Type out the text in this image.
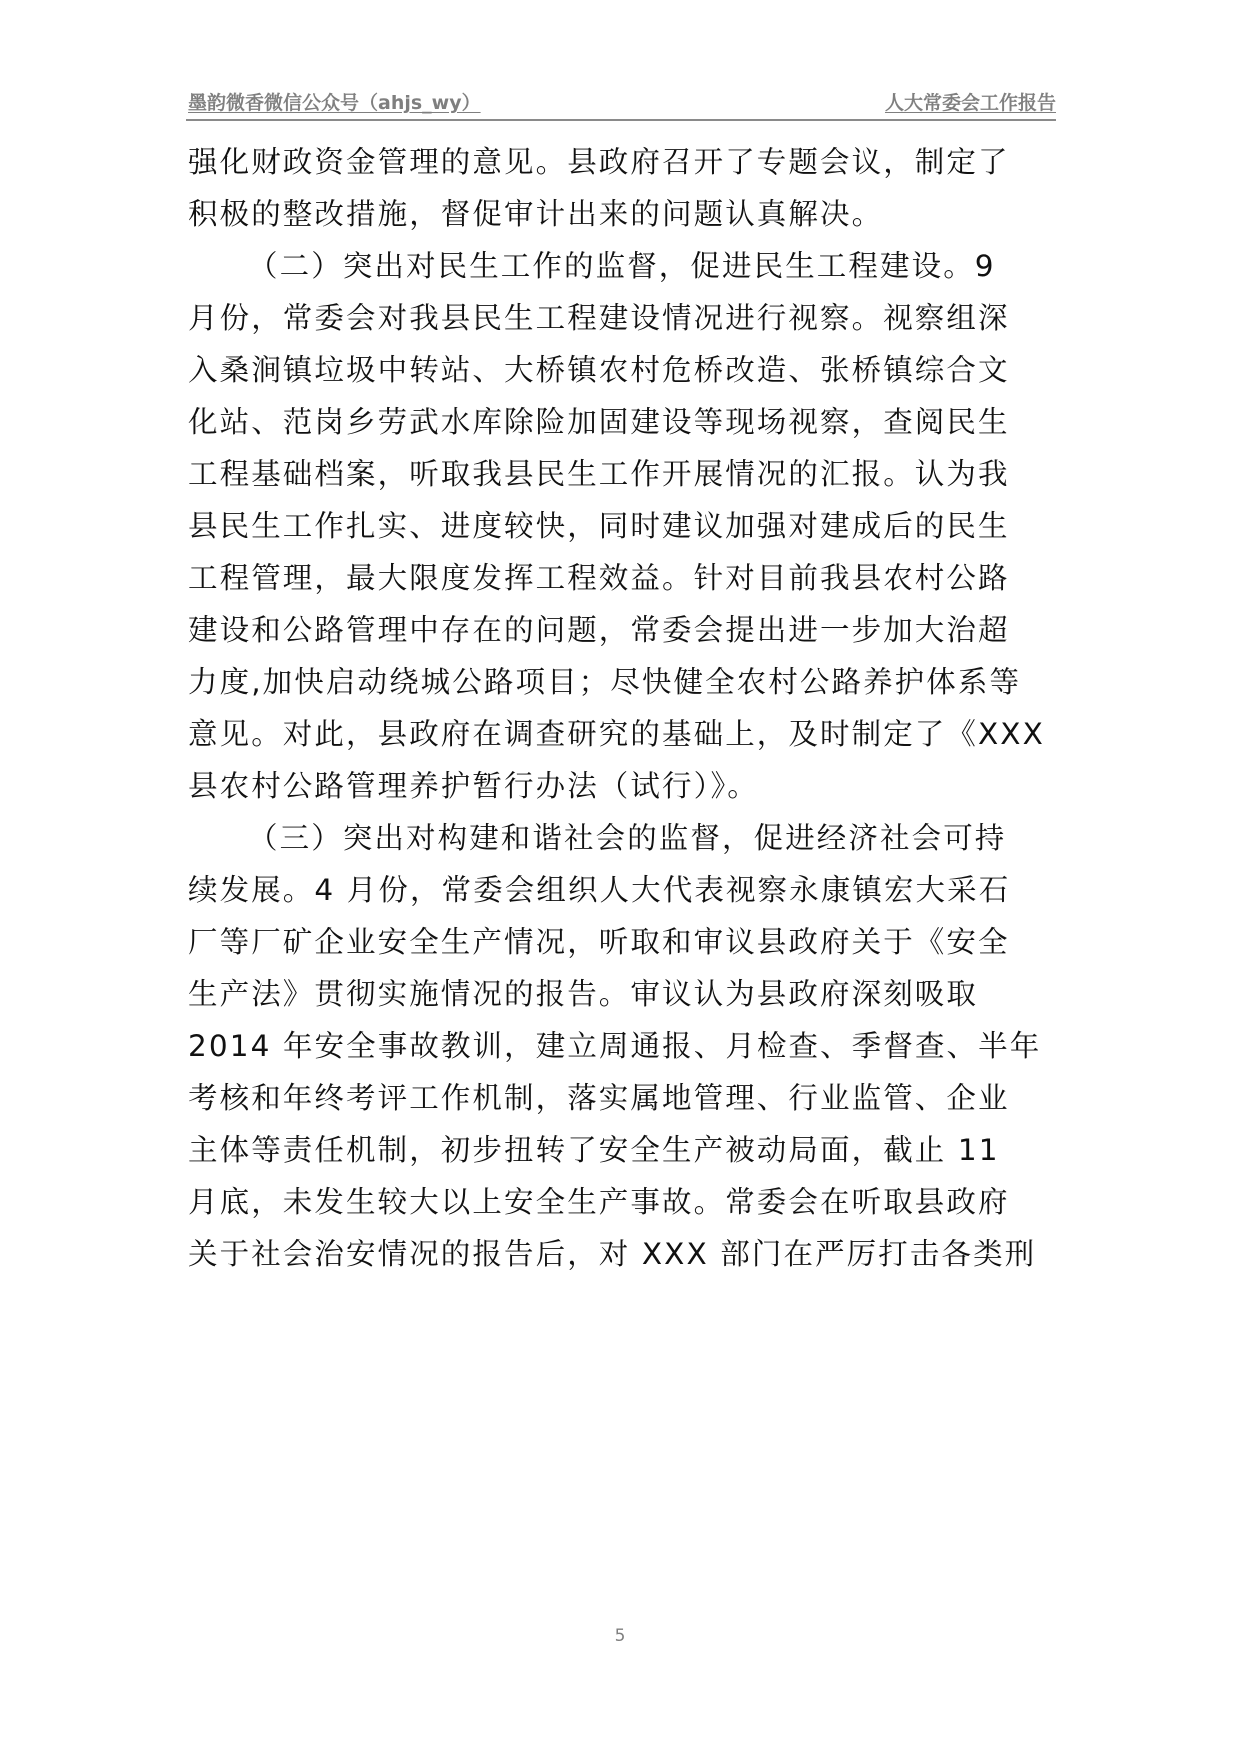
墨韵微香微信公众号（ahjs_wy）	人大常委会工作报告
强化财政资金管理的意见。县政府召开了专题会议，制定了
积极的整改措施，督促审计出来的问题认真解决。
（二）突出对民生工作的监督，促进民生工程建设。9
月份，常委会对我县民生工程建设情况进行视察。视察组深
入桑涧镇垃圾中转站、大桥镇农村危桥改造、张桥镇综合文
化站、范岗乡劳武水库除险加固建设等现场视察，查阅民生
工程基础档案，听取我县民生工作开展情况的汇报。认为我
县民生工作扎实、进度较快，同时建议加强对建成后的民生
工程管理，最大限度发挥工程效益。针对目前我县农村公路
建设和公路管理中存在的问题，常委会提出进一步加大治超
力度,加快启动绕城公路项目；尽快健全农村公路养护体系等
意见。对此，县政府在调查研究的基础上，及时制定了《XXX
县农村公路管理养护暂行办法（试行）》。
（三）突出对构建和谐社会的监督，促进经济社会可持
续发展。4 月份，常委会组织人大代表视察永康镇宏大采石
厂等厂矿企业安全生产情况，听取和审议县政府关于《安全
生产法》贯彻实施情况的报告。审议认为县政府深刻吸取
2014 年安全事故教训，建立周通报、月检查、季督查、半年
考核和年终考评工作机制，落实属地管理、行业监管、企业
主体等责任机制，初步扭转了安全生产被动局面，截止 11
月底，未发生较大以上安全生产事故。常委会在听取县政府
关于社会治安情况的报告后，对 XXX 部门在严厉打击各类刑
5
